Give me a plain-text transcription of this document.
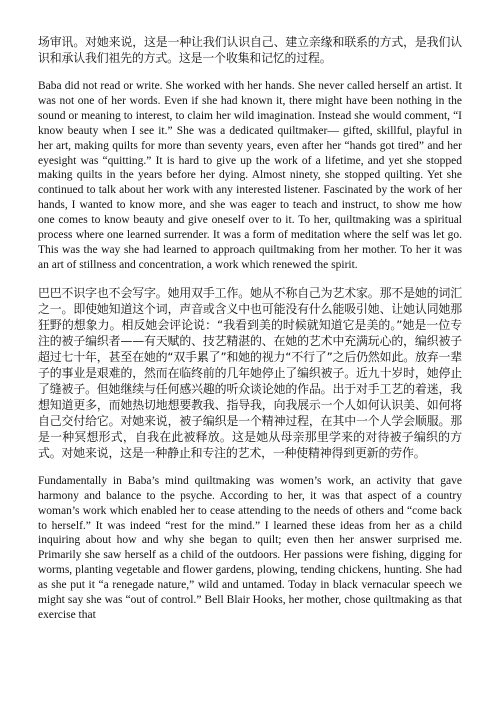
场审讯。对她来说，这是一种让我们认识自己、建立亲缘和联系的方式，是我们认识和承认我们祖先的方式。这是一个收集和记忆的过程。

Baba did not read or write. She worked with her hands. She never called herself an artist. It was not one of her words. Even if she had known it, there might have been nothing in the sound or meaning to interest, to claim her wild imagination. Instead she would comment, “I know beauty when I see it.” She was a dedicated quiltmaker— gifted, skillful, playful in her art, making quilts for more than seventy years, even after her “hands got tired” and her eyesight was “quitting.” It is hard to give up the work of a lifetime, and yet she stopped making quilts in the years before her dying. Almost ninety, she stopped quilting. Yet she continued to talk about her work with any interested listener. Fascinated by the work of her hands, I wanted to know more, and she was eager to teach and instruct, to show me how one comes to know beauty and give oneself over to it. To her, quiltmaking was a spiritual process where one learned surrender. It was a form of meditation where the self was let go. This was the way she had learned to approach quiltmaking from her mother. To her it was an art of stillness and concentration, a work which renewed the spirit.

巴巴不识字也不会写字。她用双手工作。她从不称自己为艺术家。那不是她的词汇之一。即使她知道这个词，声音或含义中也可能没有什么能吸引她、让她认同她那狂野的想象力。相反她会评论说：“我看到美的时候就知道它是美的。”她是一位专注的被子编织者——有天赋的、技艺精湛的、在她的艺术中充满玩心的，编织被子超过七十年，甚至在她的“双手累了”和她的视力“不行了”之后仍然如此。放弃一辈子的事业是艰难的，然而在临终前的几年她停止了编织被子。近九十岁时，她停止了缝被子。但她继续与任何感兴趣的听众谈论她的作品。出于对手工艺的着迷，我想知道更多，而她热切地想要教我、指导我，向我展示一个人如何认识美、如何将自己交付给它。对她来说，被子编织是一个精神过程，在其中一个人学会顺服。那是一种冥想形式，自我在此被释放。这是她从母亲那里学来的对待被子编织的方式。对她来说，这是一种静止和专注的艺术，一种使精神得到更新的劳作。

Fundamentally in Baba’s mind quiltmaking was women’s work, an activity that gave harmony and balance to the psyche. According to her, it was that aspect of a country woman’s work which enabled her to cease attending to the needs of others and “come back to herself.” It was indeed “rest for the mind.” I learned these ideas from her as a child inquiring about how and why she began to quilt; even then her answer surprised me. Primarily she saw herself as a child of the outdoors. Her passions were fishing, digging for worms, planting vegetable and flower gardens, plowing, tending chickens, hunting. She had as she put it “a renegade nature,” wild and untamed. Today in black vernacular speech we might say she was “out of control.” Bell Blair Hooks, her mother, chose quiltmaking as that exercise that
